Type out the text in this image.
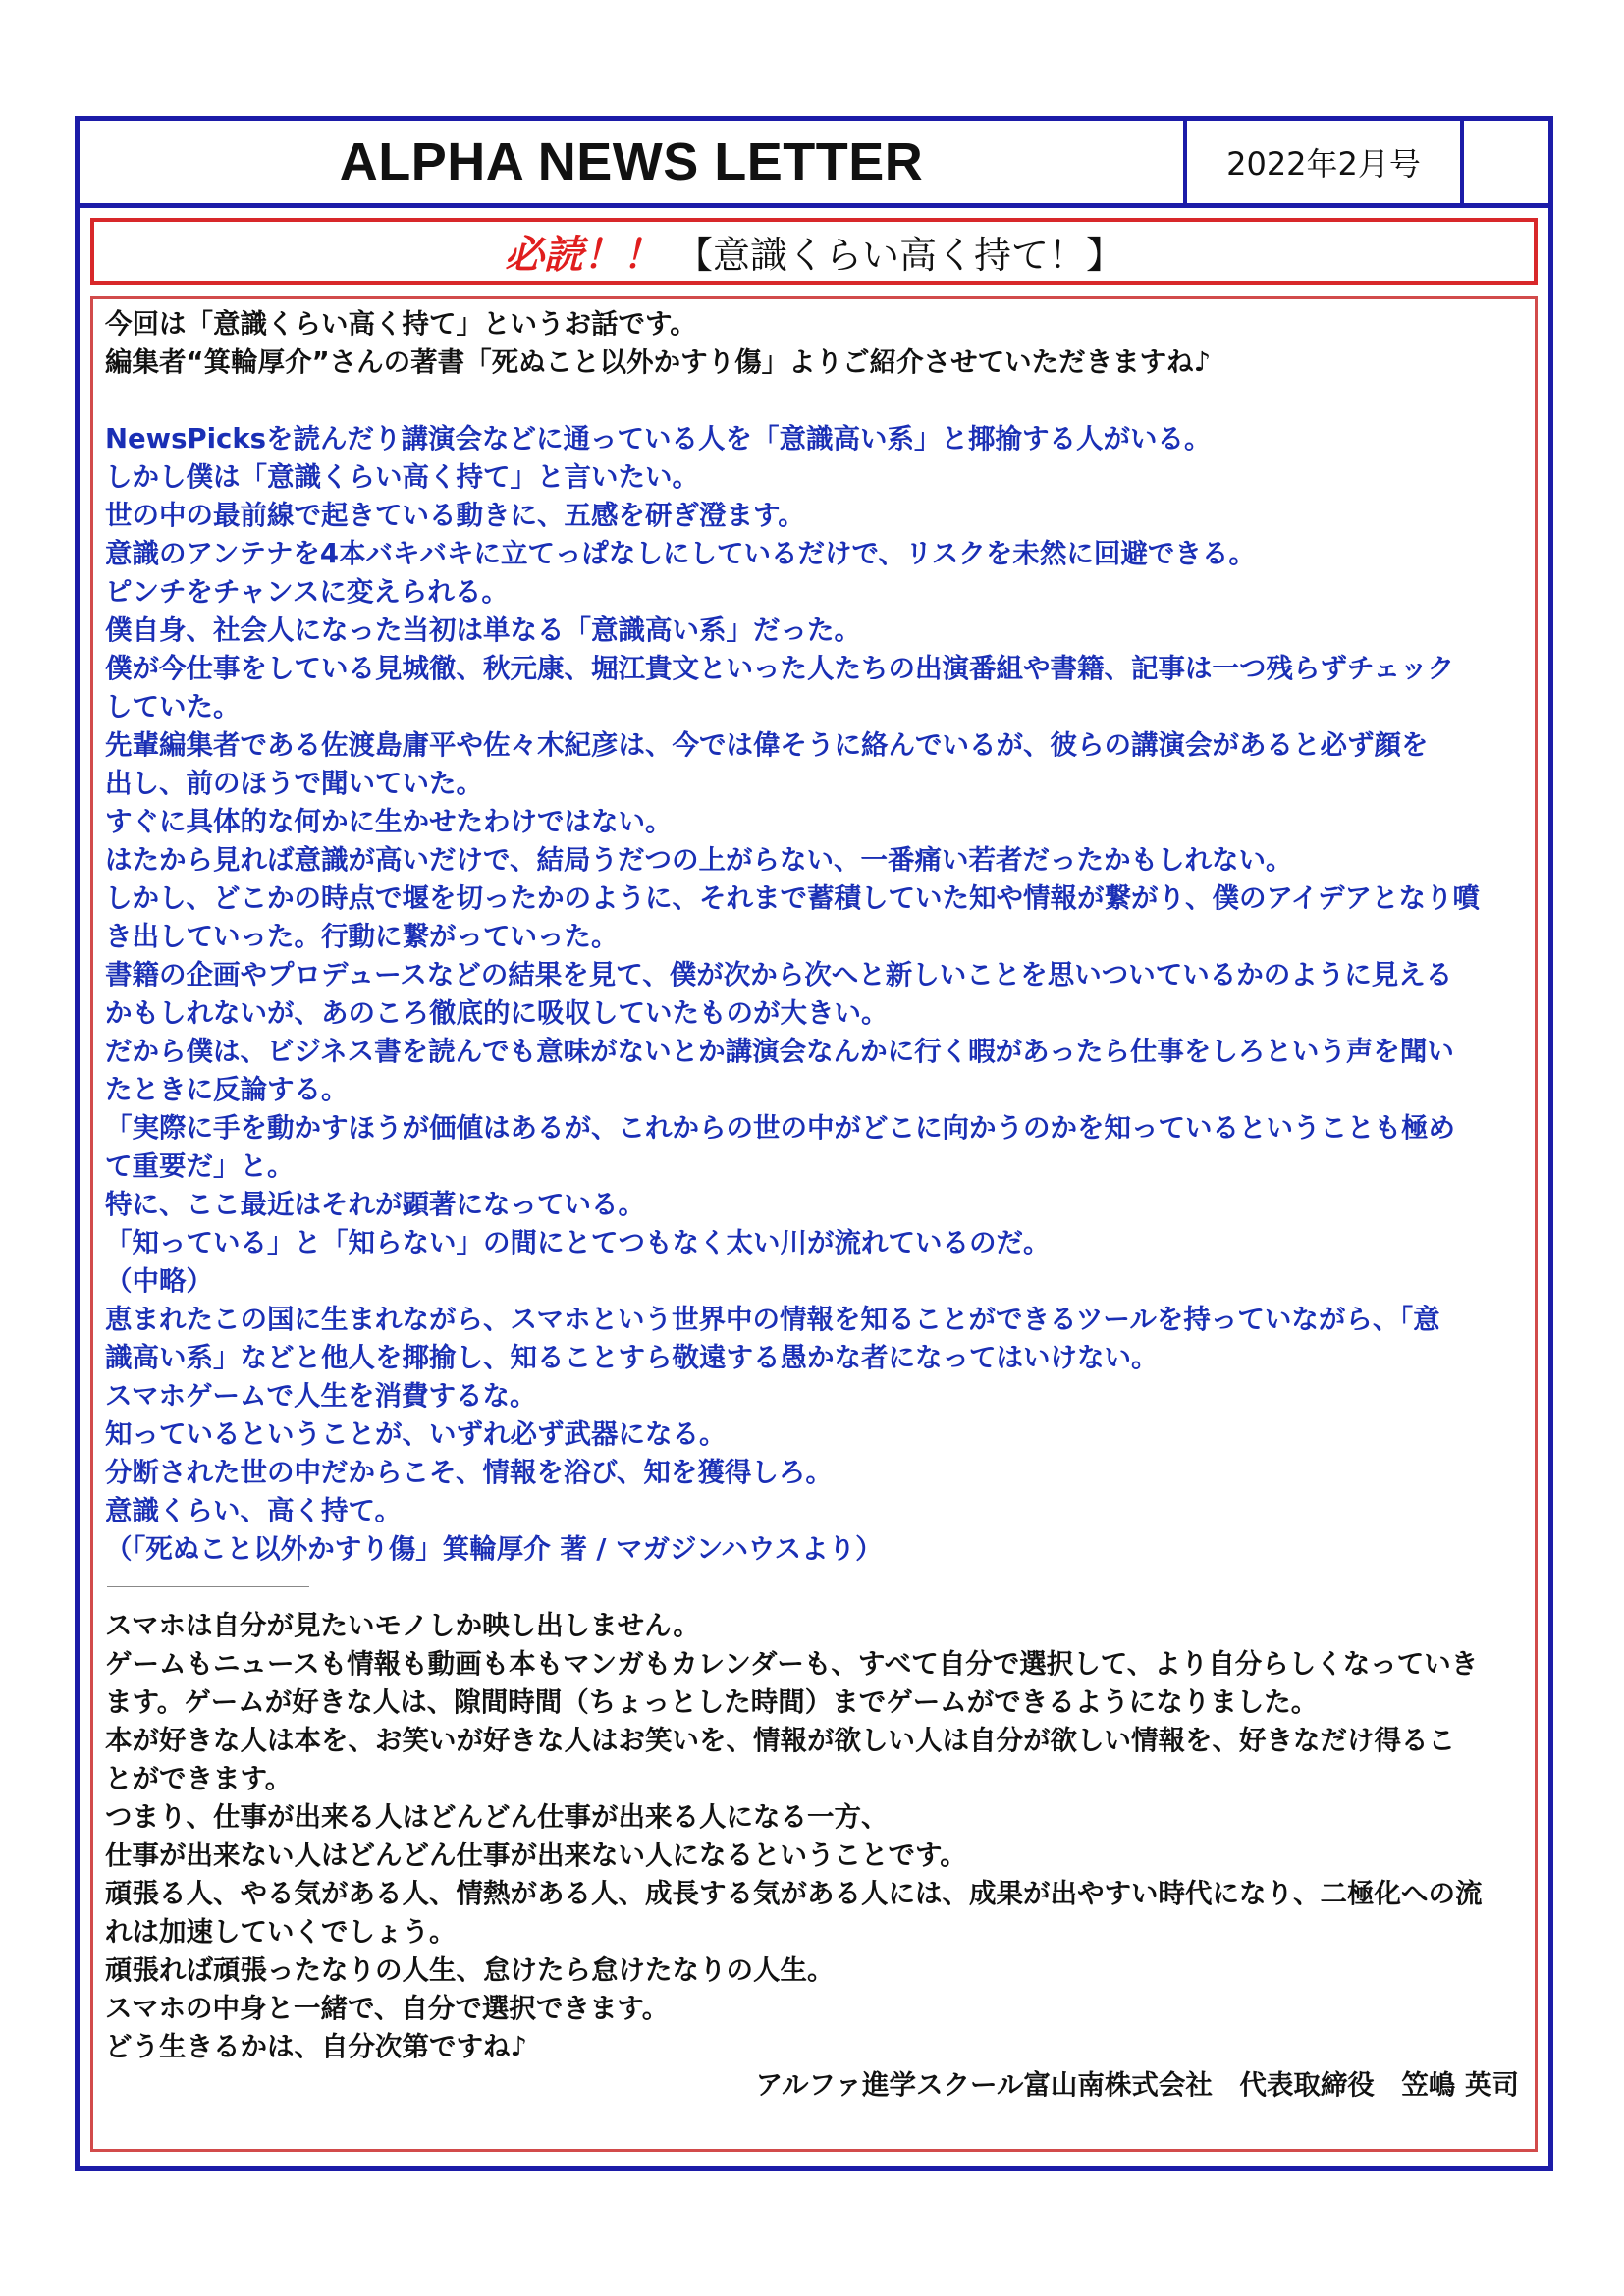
ALPHA NEWS LETTER	2022年2月号
必読！！ 【意識くらい高く持て！】
今回は「意識くらい高く持て」というお話です。
編集者“箕輪厚介”さんの著書「死ぬこと以外かすり傷」よりご紹介させていただきますね♪
NewsPicksを読んだり講演会などに通っている人を「意識高い系」と揶揄する人がいる。
しかし僕は「意識くらい高く持て」と言いたい。
世の中の最前線で起きている動きに、五感を研ぎ澄ます。
意識のアンテナを4本バキバキに立てっぱなしにしているだけで、リスクを未然に回避できる。
ピンチをチャンスに変えられる。
僕自身、社会人になった当初は単なる「意識高い系」だった。
僕が今仕事をしている見城徹、秋元康、堀江貴文といった人たちの出演番組や書籍、記事は一つ残らずチェック
していた。
先輩編集者である佐渡島庸平や佐々木紀彦は、今では偉そうに絡んでいるが、彼らの講演会があると必ず顔を
出し、前のほうで聞いていた。
すぐに具体的な何かに生かせたわけではない。
はたから見れば意識が高いだけで、結局うだつの上がらない、一番痛い若者だったかもしれない。
しかし、どこかの時点で堰を切ったかのように、それまで蓄積していた知や情報が繋がり、僕のアイデアとなり噴
き出していった。行動に繋がっていった。
書籍の企画やプロデュースなどの結果を見て、僕が次から次へと新しいことを思いついているかのように見える
かもしれないが、あのころ徹底的に吸収していたものが大きい。
だから僕は、ビジネス書を読んでも意味がないとか講演会なんかに行く暇があったら仕事をしろという声を聞い
たときに反論する。
「実際に手を動かすほうが価値はあるが、これからの世の中がどこに向かうのかを知っているということも極め
て重要だ」と。
特に、ここ最近はそれが顕著になっている。
「知っている」と「知らない」の間にとてつもなく太い川が流れているのだ。
（中略）
恵まれたこの国に生まれながら、スマホという世界中の情報を知ることができるツールを持っていながら、「意
識高い系」などと他人を揶揄し、知ることすら敬遠する愚かな者になってはいけない。
スマホゲームで人生を消費するな。
知っているということが、いずれ必ず武器になる。
分断された世の中だからこそ、情報を浴び、知を獲得しろ。
意識くらい、高く持て。
（「死ぬこと以外かすり傷」箕輪厚介 著 / マガジンハウスより）
スマホは自分が見たいモノしか映し出しません。
ゲームもニュースも情報も動画も本もマンガもカレンダーも、すべて自分で選択して、より自分らしくなっていき
ます。ゲームが好きな人は、隙間時間（ちょっとした時間）までゲームができるようになりました。
本が好きな人は本を、お笑いが好きな人はお笑いを、情報が欲しい人は自分が欲しい情報を、好きなだけ得るこ
とができます。
つまり、仕事が出来る人はどんどん仕事が出来る人になる一方、
仕事が出来ない人はどんどん仕事が出来ない人になるということです。
頑張る人、やる気がある人、情熱がある人、成長する気がある人には、成果が出やすい時代になり、二極化への流
れは加速していくでしょう。
頑張れば頑張ったなりの人生、怠けたら怠けたなりの人生。
スマホの中身と一緒で、自分で選択できます。
どう生きるかは、自分次第ですね♪
アルファ進学スクール富山南株式会社　代表取締役　笠嶋 英司
